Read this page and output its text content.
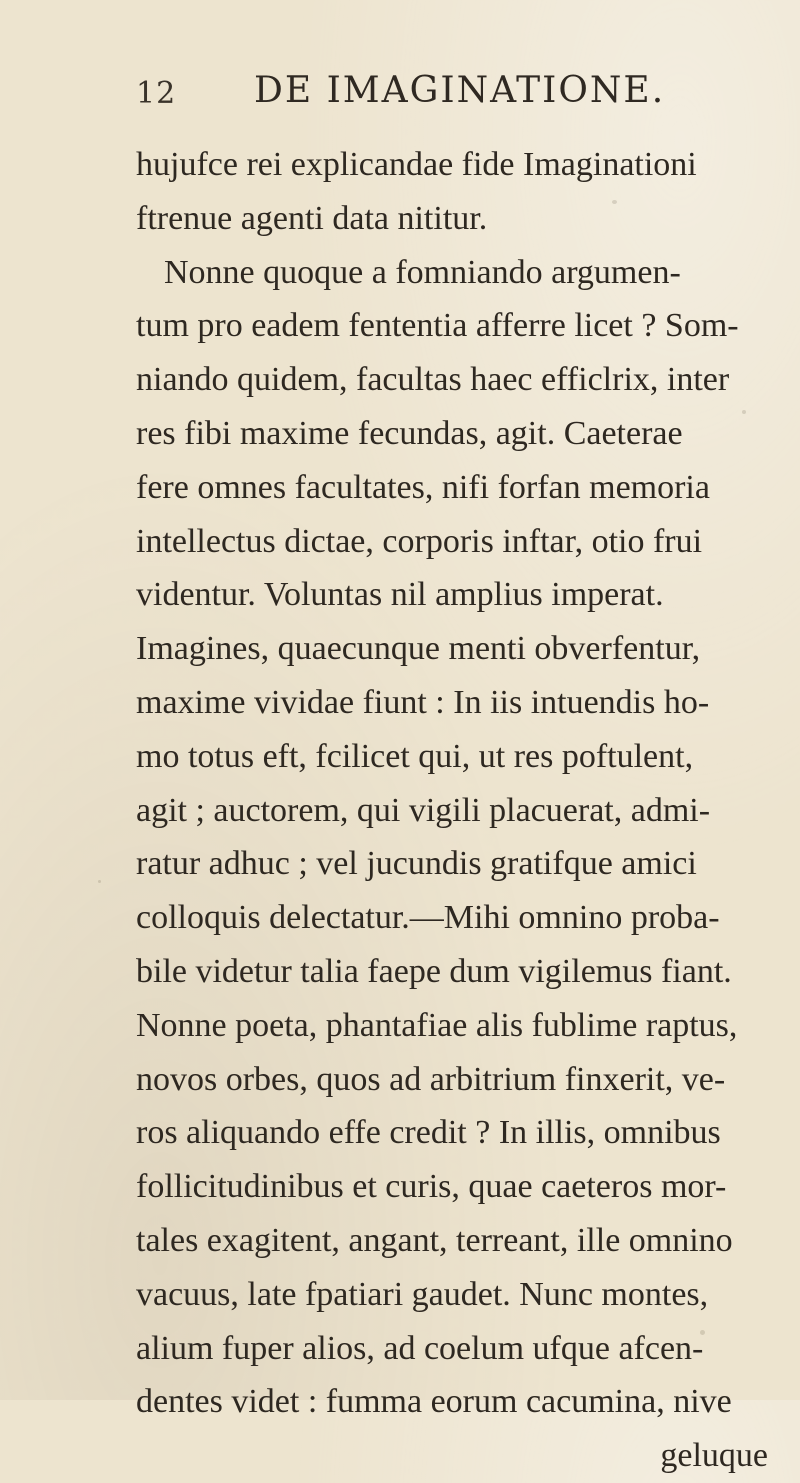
12 DE IMAGINATIONE.
hujufce rei explicandae fide Imaginationi
ftrenue agenti data nititur.
Nonne quoque a fomniando argumen-
tum pro eadem fententia afferre licet ? Som-
niando quidem, facultas haec efficlrix, inter
res fibi maxime fecundas, agit. Caeterae
fere omnes facultates, nifi forfan memoria
intellectus dictae, corporis inftar, otio frui
videntur. Voluntas nil amplius imperat.
Imagines, quaecunque menti obverfentur,
maxime vividae fiunt : In iis intuendis ho-
mo totus eft, fcilicet qui, ut res poftulent,
agit ; auctorem, qui vigili placuerat, admi-
ratur adhuc ; vel jucundis gratifque amici
colloquis delectatur.—Mihi omnino proba-
bile videtur talia faepe dum vigilemus fiant.
Nonne poeta, phantafiae alis fublime raptus,
novos orbes, quos ad arbitrium finxerit, ve-
ros aliquando effe credit ? In illis, omnibus
follicitudinibus et curis, quae caeteros mor-
tales exagitent, angant, terreant, ille omnino
vacuus, late fpatiari gaudet. Nunc montes,
alium fuper alios, ad coelum ufque afcen-
dentes videt : fumma eorum cacumina, nive
geluque
